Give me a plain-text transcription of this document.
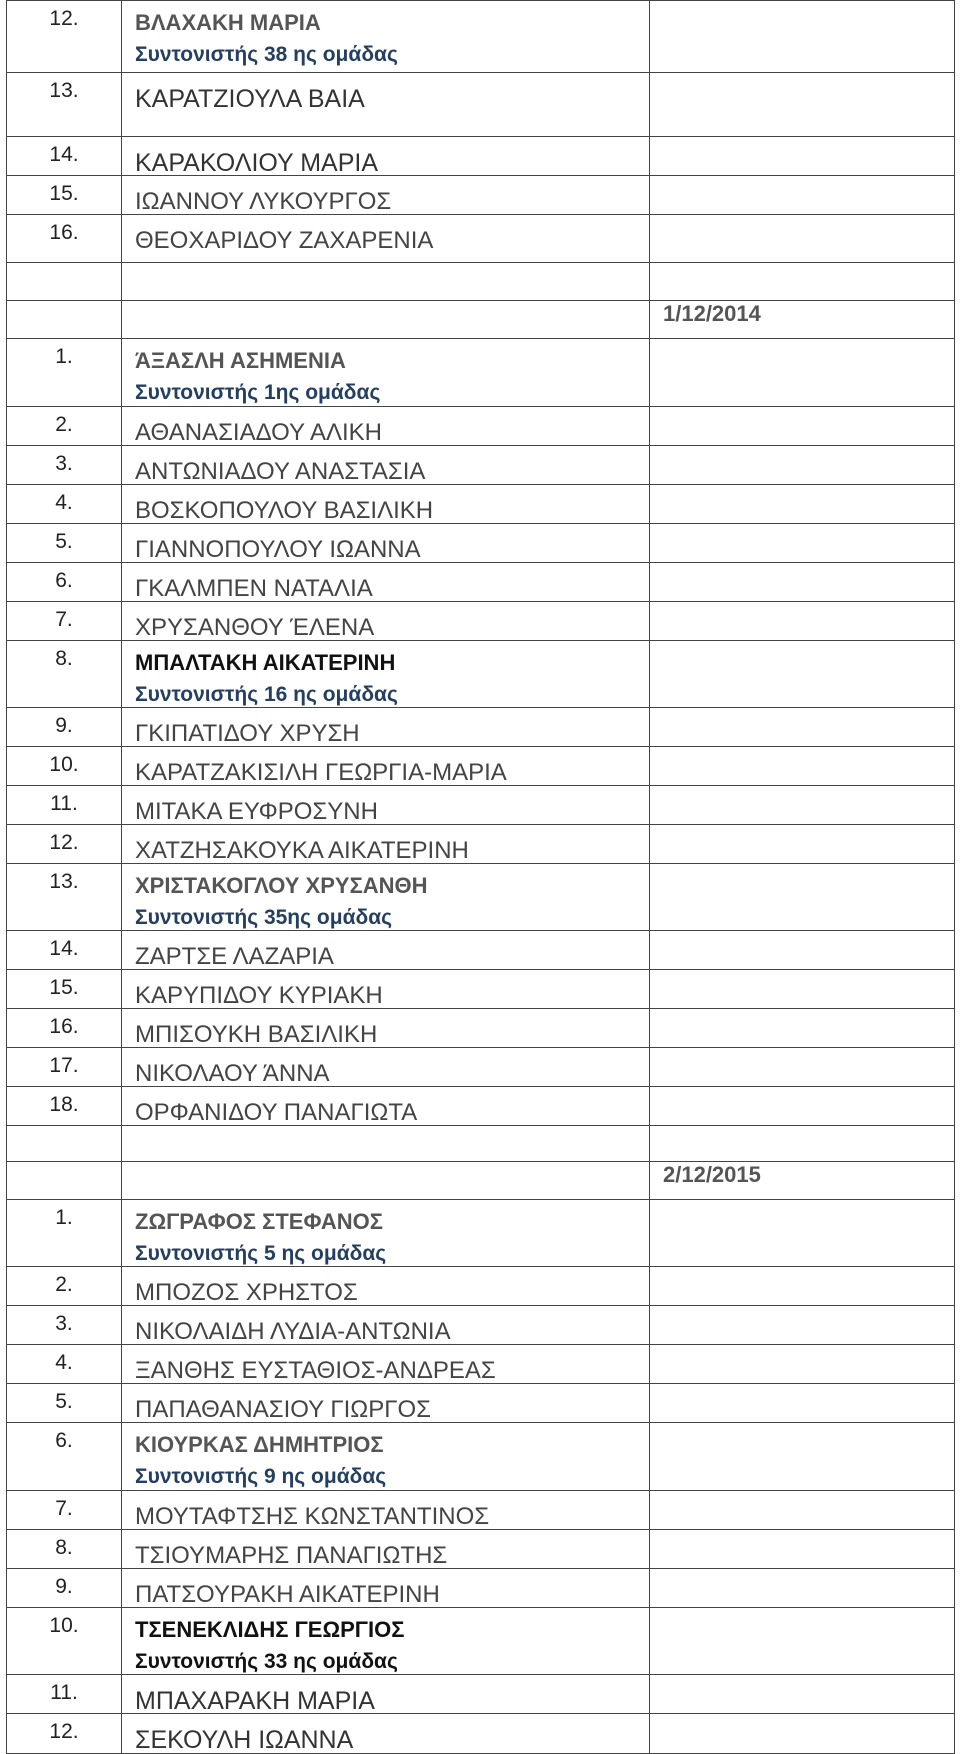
12.	ΒΛΑΧΑΚΗ ΜΑΡΙΑ
Συντονιστής 38 ης ομάδας	

13.	ΚΑΡΑΤΖΙΟΥΛΑ ΒΑΙΑ	

14.	ΚΑΡΑΚΟΛΙΟΥ ΜΑΡΙΑ	

15.	ΙΩΑΝΝΟΥ ΛΥΚΟΥΡΓΟΣ	

16.	ΘΕΟΧΑΡΙΔΟΥ ΖΑΧΑΡΕΝΙΑ	

		1/12/2014
1.	ΆΞΑΣΛΗ ΑΣΗΜΕΝΙΑ
Συντονιστής 1ης ομάδας	

2.	ΑΘΑΝΑΣΙΑΔΟΥ ΑΛΙΚΗ	

3.	ΑΝΤΩΝΙΑΔΟΥ ΑΝΑΣΤΑΣΙΑ	

4.	ΒΟΣΚΟΠΟΥΛΟΥ ΒΑΣΙΛΙΚΗ	

5.	ΓΙΑΝΝΟΠΟΥΛΟΥ ΙΩΑΝΝΑ	

6.	ΓΚΑΛΜΠΕΝ ΝΑΤΑΛΙΑ	

7.	ΧΡΥΣΑΝΘΟΥ ΈΛΕΝΑ	

8.	ΜΠΑΛΤΑΚΗ ΑΙΚΑΤΕΡΙΝΗ
Συντονιστής 16 ης ομάδας	

9.	ΓΚΙΠΑΤΙΔΟΥ ΧΡΥΣΗ	

10.	ΚΑΡΑΤΖΑΚΙΣΙΛΗ ΓΕΩΡΓΙΑ-ΜΑΡΙΑ	

11.	ΜΙΤΑΚΑ ΕΥΦΡΟΣΥΝΗ	

12.	ΧΑΤΖΗΣΑΚΟΥΚΑ ΑΙΚΑΤΕΡΙΝΗ	

13.	ΧΡΙΣΤΑΚΟΓΛΟΥ ΧΡΥΣΑΝΘΗ
Συντονιστής 35ης ομάδας	

14.	ΖΑΡΤΣΕ ΛΑΖΑΡΙΑ	

15.	ΚΑΡΥΠΙΔΟΥ ΚΥΡΙΑΚΗ	

16.	ΜΠΙΣΟΥΚΗ ΒΑΣΙΛΙΚΗ	

17.	ΝΙΚΟΛΑΟΥ ΆΝΝΑ	

18.	ΟΡΦΑΝΙΔΟΥ ΠΑΝΑΓΙΩΤΑ	

		2/12/2015
1.	ΖΩΓΡΑΦΟΣ ΣΤΕΦΑΝΟΣ
Συντονιστής 5 ης ομάδας	

2.	ΜΠΟΖΟΣ ΧΡΗΣΤΟΣ	

3.	ΝΙΚΟΛΑΙΔΗ ΛΥΔΙΑ-ΑΝΤΩΝΙΑ	

4.	ΞΑΝΘΗΣ ΕΥΣΤΑΘΙΟΣ-ΑΝΔΡΕΑΣ	

5.	ΠΑΠΑΘΑΝΑΣΙΟΥ ΓΙΩΡΓΟΣ	

6.	ΚΙΟΥΡΚΑΣ ΔΗΜΗΤΡΙΟΣ
Συντονιστής 9 ης ομάδας	

7.	ΜΟΥΤΑΦΤΣΗΣ ΚΩΝΣΤΑΝΤΙΝΟΣ	

8.	ΤΣΙΟΥΜΑΡΗΣ ΠΑΝΑΓΙΩΤΗΣ	

9.	ΠΑΤΣΟΥΡΑΚΗ ΑΙΚΑΤΕΡΙΝΗ	

10.	ΤΣΕΝΕΚΛΙΔΗΣ ΓΕΩΡΓΙΟΣ
Συντονιστής 33 ης ομάδας	

11.	ΜΠΑΧΑΡΑΚΗ ΜΑΡΙΑ	

12.	ΣΕΚΟΥΛΗ ΙΩΑΝΝΑ	
